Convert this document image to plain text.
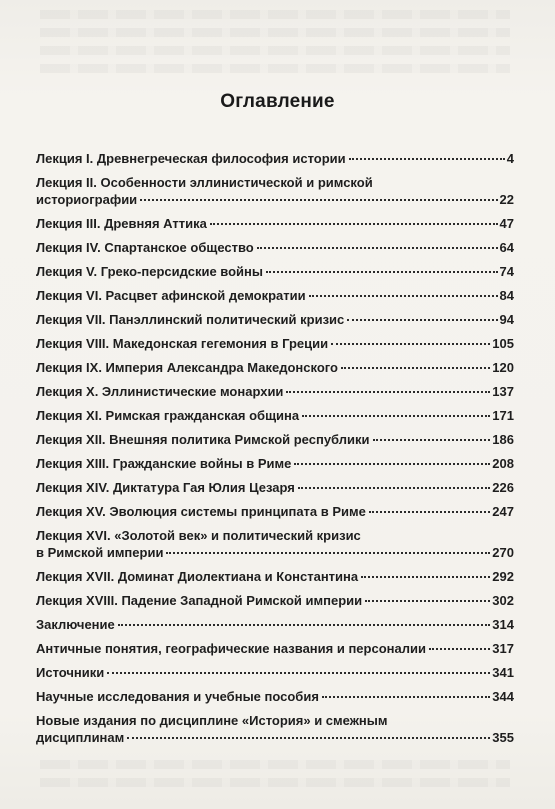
Оглавление
Лекция I. Древнегреческая философия истории	4
Лекция II. Особенности эллинистической и римской
историографии	22
Лекция III. Древняя Аттика	47
Лекция IV. Спартанское общество	64
Лекция V. Греко-персидские войны	74
Лекция VI. Расцвет афинской демократии	84
Лекция VII. Панэллинский политический кризис	94
Лекция VIII. Македонская гегемония в Греции	105
Лекция IX. Империя Александра Македонского	120
Лекция X. Эллинистические монархии	137
Лекция XI. Римская гражданская община	171
Лекция XII. Внешняя политика Римской республики	186
Лекция XIII. Гражданские войны в Риме	208
Лекция XIV. Диктатура Гая Юлия Цезаря	226
Лекция XV. Эволюция системы принципата в Риме	247
Лекция XVI. «Золотой век» и политический кризис
в Римской империи	270
Лекция XVII. Доминат Диолектиана и Константина	292
Лекция XVIII. Падение Западной Римской империи	302
Заключение	314
Античные понятия, географические названия и персоналии	317
Источники	341
Научные исследования и учебные пособия	344
Новые издания по дисциплине «История» и смежным
дисциплинам	355
